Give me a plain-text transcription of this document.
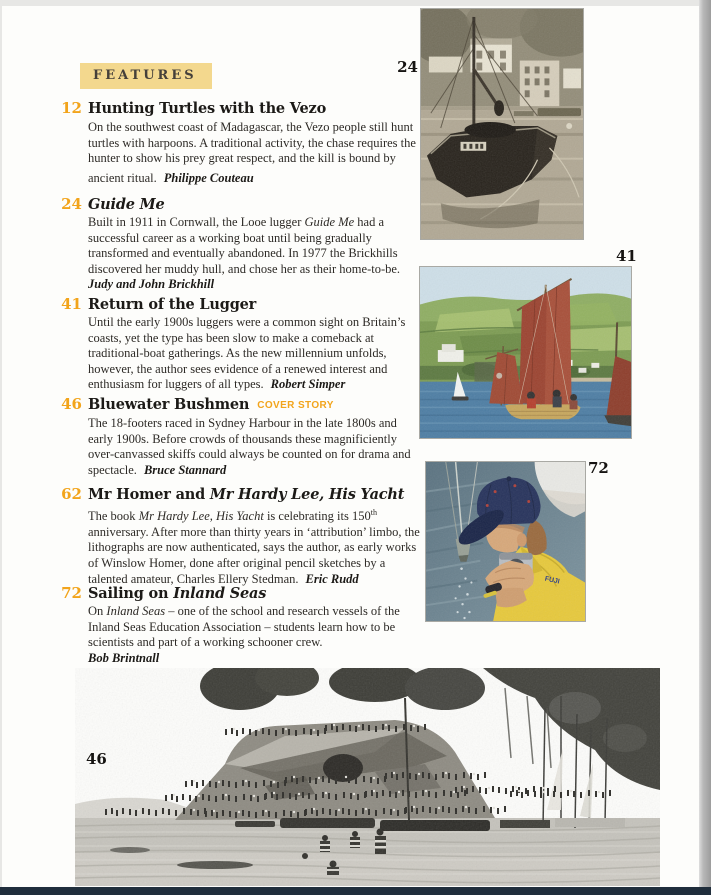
FEATURES
12 Hunting Turtles with the Vezo

On the southwest coast of Madagascar, the Vezo people still hunt turtles with harpoons. A traditional activity, the chase requires the hunter to show his prey great respect, and the kill is bound by ancient ritual. Philippe Couteau

24 Guide Me

Built in 1911 in Cornwall, the Looe lugger Guide Me had a successful career as a working boat until being gradually transformed and eventually abandoned. In 1977 the Brickhills discovered her muddy hull, and chose her as their home-to-be.
Judy and John Brickhill

41 Return of the Lugger

Until the early 1900s luggers were a common sight on Britain’s coasts, yet the type has been slow to make a comeback at traditional-boat gatherings. As the new millennium unfolds, however, the author sees evidence of a renewed interest and enthusiasm for luggers of all types. Robert Simper

46 Bluewater Bushmen COVER STORY

The 18-footers raced in Sydney Harbour in the late 1800s and early 1900s. Before crowds of thousands these magnificiently over-canvassed skiffs could always be counted on for drama and spectacle. Bruce Stannard

62 Mr Homer and Mr Hardy Lee, His Yacht

The book Mr Hardy Lee, His Yacht is celebrating its 150th anniversary. After more than thirty years in ‘attribution’ limbo, the lithographs are now authenticated, says the author, as early works of Winslow Homer, done after original pencil sketches by a talented amateur, Charles Ellery Stedman. Eric Rudd

72 Sailing on Inland Seas

On Inland Seas – one of the school and research vessels of the Inland Seas Education Association – students learn how to be scientists and part of a working schooner crew.
Bob Brintnall

24
41
72
FUJI
46
